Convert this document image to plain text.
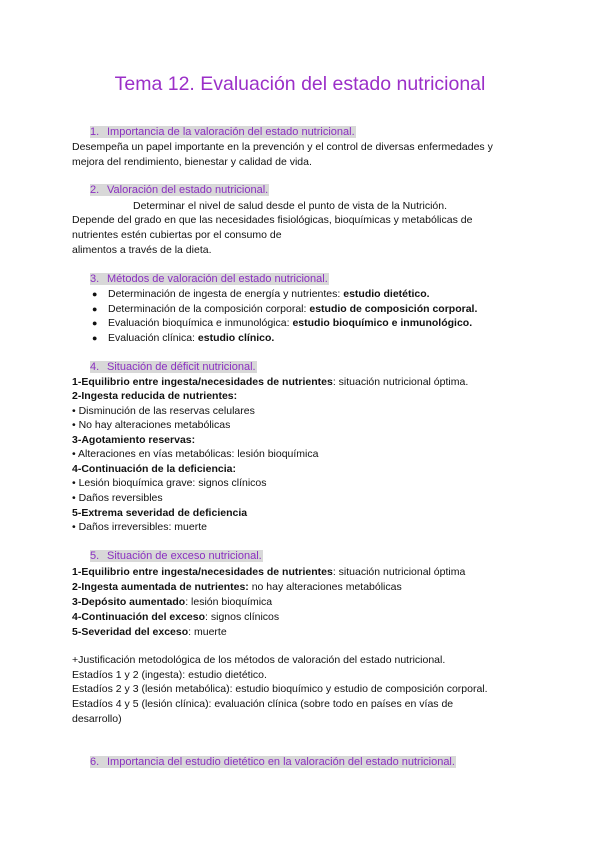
Tema 12. Evaluación del estado nutricional
1. Importancia de la valoración del estado nutricional.
Desempeña un papel importante en la prevención y el control de diversas enfermedades y
mejora del rendimiento, bienestar y calidad de vida.
2. Valoración del estado nutricional.
Determinar el nivel de salud desde el punto de vista de la Nutrición.
Depende del grado en que las necesidades fisiológicas, bioquímicas y metabólicas de
nutrientes estén cubiertas por el consumo de
alimentos a través de la dieta.
3. Métodos de valoración del estado nutricional.
● Determinación de ingesta de energía y nutrientes: estudio dietético.
● Determinación de la composición corporal: estudio de composición corporal.
● Evaluación bioquímica e inmunológica: estudio bioquímico e inmunológico.
● Evaluación clínica: estudio clínico.
4. Situación de déficit nutricional.
1-Equilibrio entre ingesta/necesidades de nutrientes: situación nutricional óptima.
2-Ingesta reducida de nutrientes:
• Disminución de las reservas celulares
• No hay alteraciones metabólicas
3-Agotamiento reservas:
• Alteraciones en vías metabólicas: lesión bioquímica
4-Continuación de la deficiencia:
• Lesión bioquímica grave: signos clínicos
• Daños reversibles
5-Extrema severidad de deficiencia
• Daños irreversibles: muerte
5. Situación de exceso nutricional.
1-Equilibrio entre ingesta/necesidades de nutrientes: situación nutricional óptima
2-Ingesta aumentada de nutrientes: no hay alteraciones metabólicas
3-Depósito aumentado: lesión bioquímica
4-Continuación del exceso: signos clínicos
5-Severidad del exceso: muerte
+Justificación metodológica de los métodos de valoración del estado nutricional.
Estadíos 1 y 2 (ingesta): estudio dietético.
Estadíos 2 y 3 (lesión metabólica): estudio bioquímico y estudio de composición corporal.
Estadíos 4 y 5 (lesión clínica): evaluación clínica (sobre todo en países en vías de
desarrollo)
6. Importancia del estudio dietético en la valoración del estado nutricional.
